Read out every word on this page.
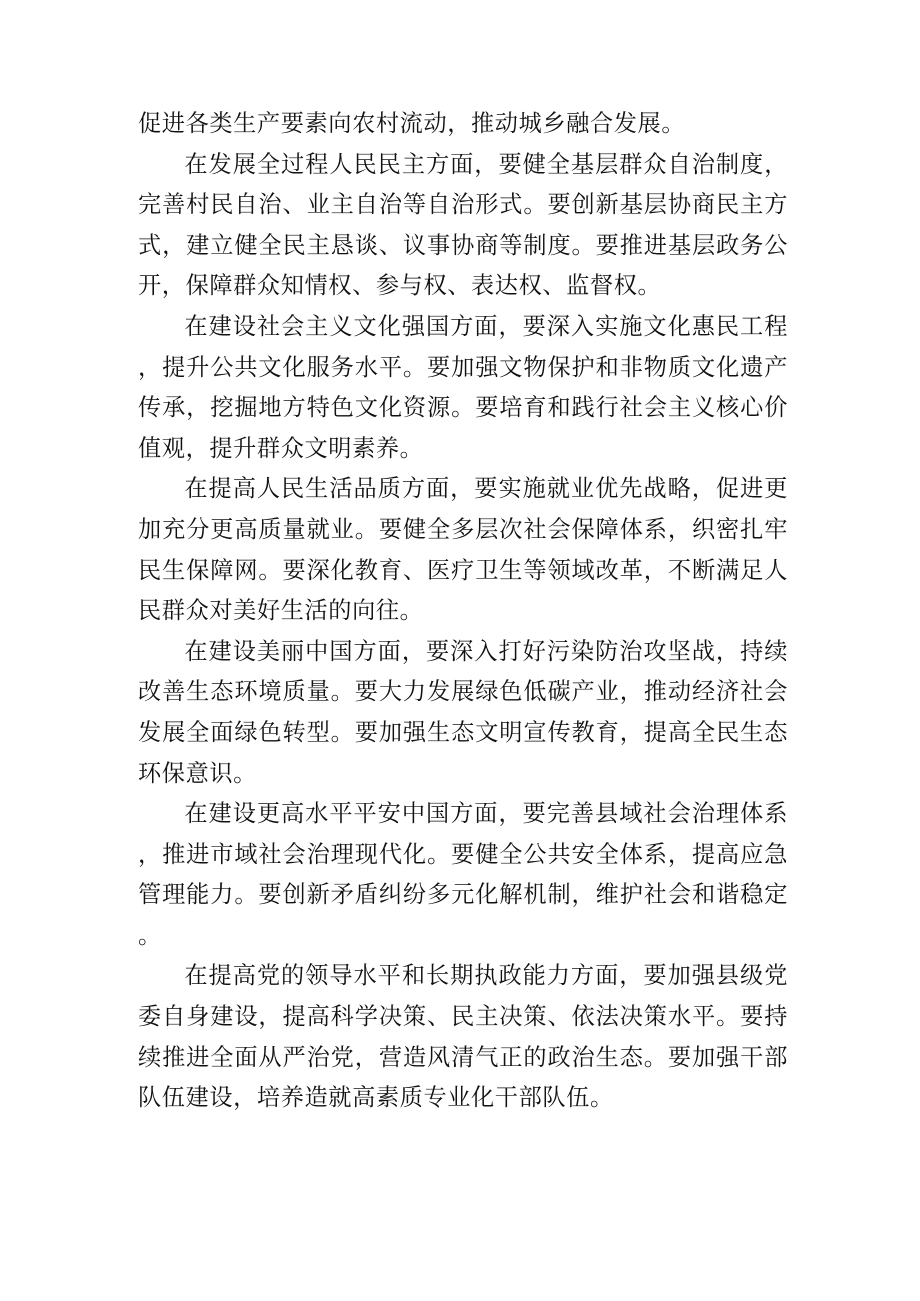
促进各类生产要素向农村流动，推动城乡融合发展。

在发展全过程人民民主方面，要健全基层群众自治制度，完善村民自治、业主自治等自治形式。要创新基层协商民主方式，建立健全民主恳谈、议事协商等制度。要推进基层政务公开，保障群众知情权、参与权、表达权、监督权。

在建设社会主义文化强国方面，要深入实施文化惠民工程，提升公共文化服务水平。要加强文物保护和非物质文化遗产传承，挖掘地方特色文化资源。要培育和践行社会主义核心价值观，提升群众文明素养。

在提高人民生活品质方面，要实施就业优先战略，促进更加充分更高质量就业。要健全多层次社会保障体系，织密扎牢民生保障网。要深化教育、医疗卫生等领域改革，不断满足人民群众对美好生活的向往。

在建设美丽中国方面，要深入打好污染防治攻坚战，持续改善生态环境质量。要大力发展绿色低碳产业，推动经济社会发展全面绿色转型。要加强生态文明宣传教育，提高全民生态环保意识。

在建设更高水平平安中国方面，要完善县域社会治理体系，推进市域社会治理现代化。要健全公共安全体系，提高应急管理能力。要创新矛盾纠纷多元化解机制，维护社会和谐稳定。

在提高党的领导水平和长期执政能力方面，要加强县级党委自身建设，提高科学决策、民主决策、依法决策水平。要持续推进全面从严治党，营造风清气正的政治生态。要加强干部队伍建设，培养造就高素质专业化干部队伍。
